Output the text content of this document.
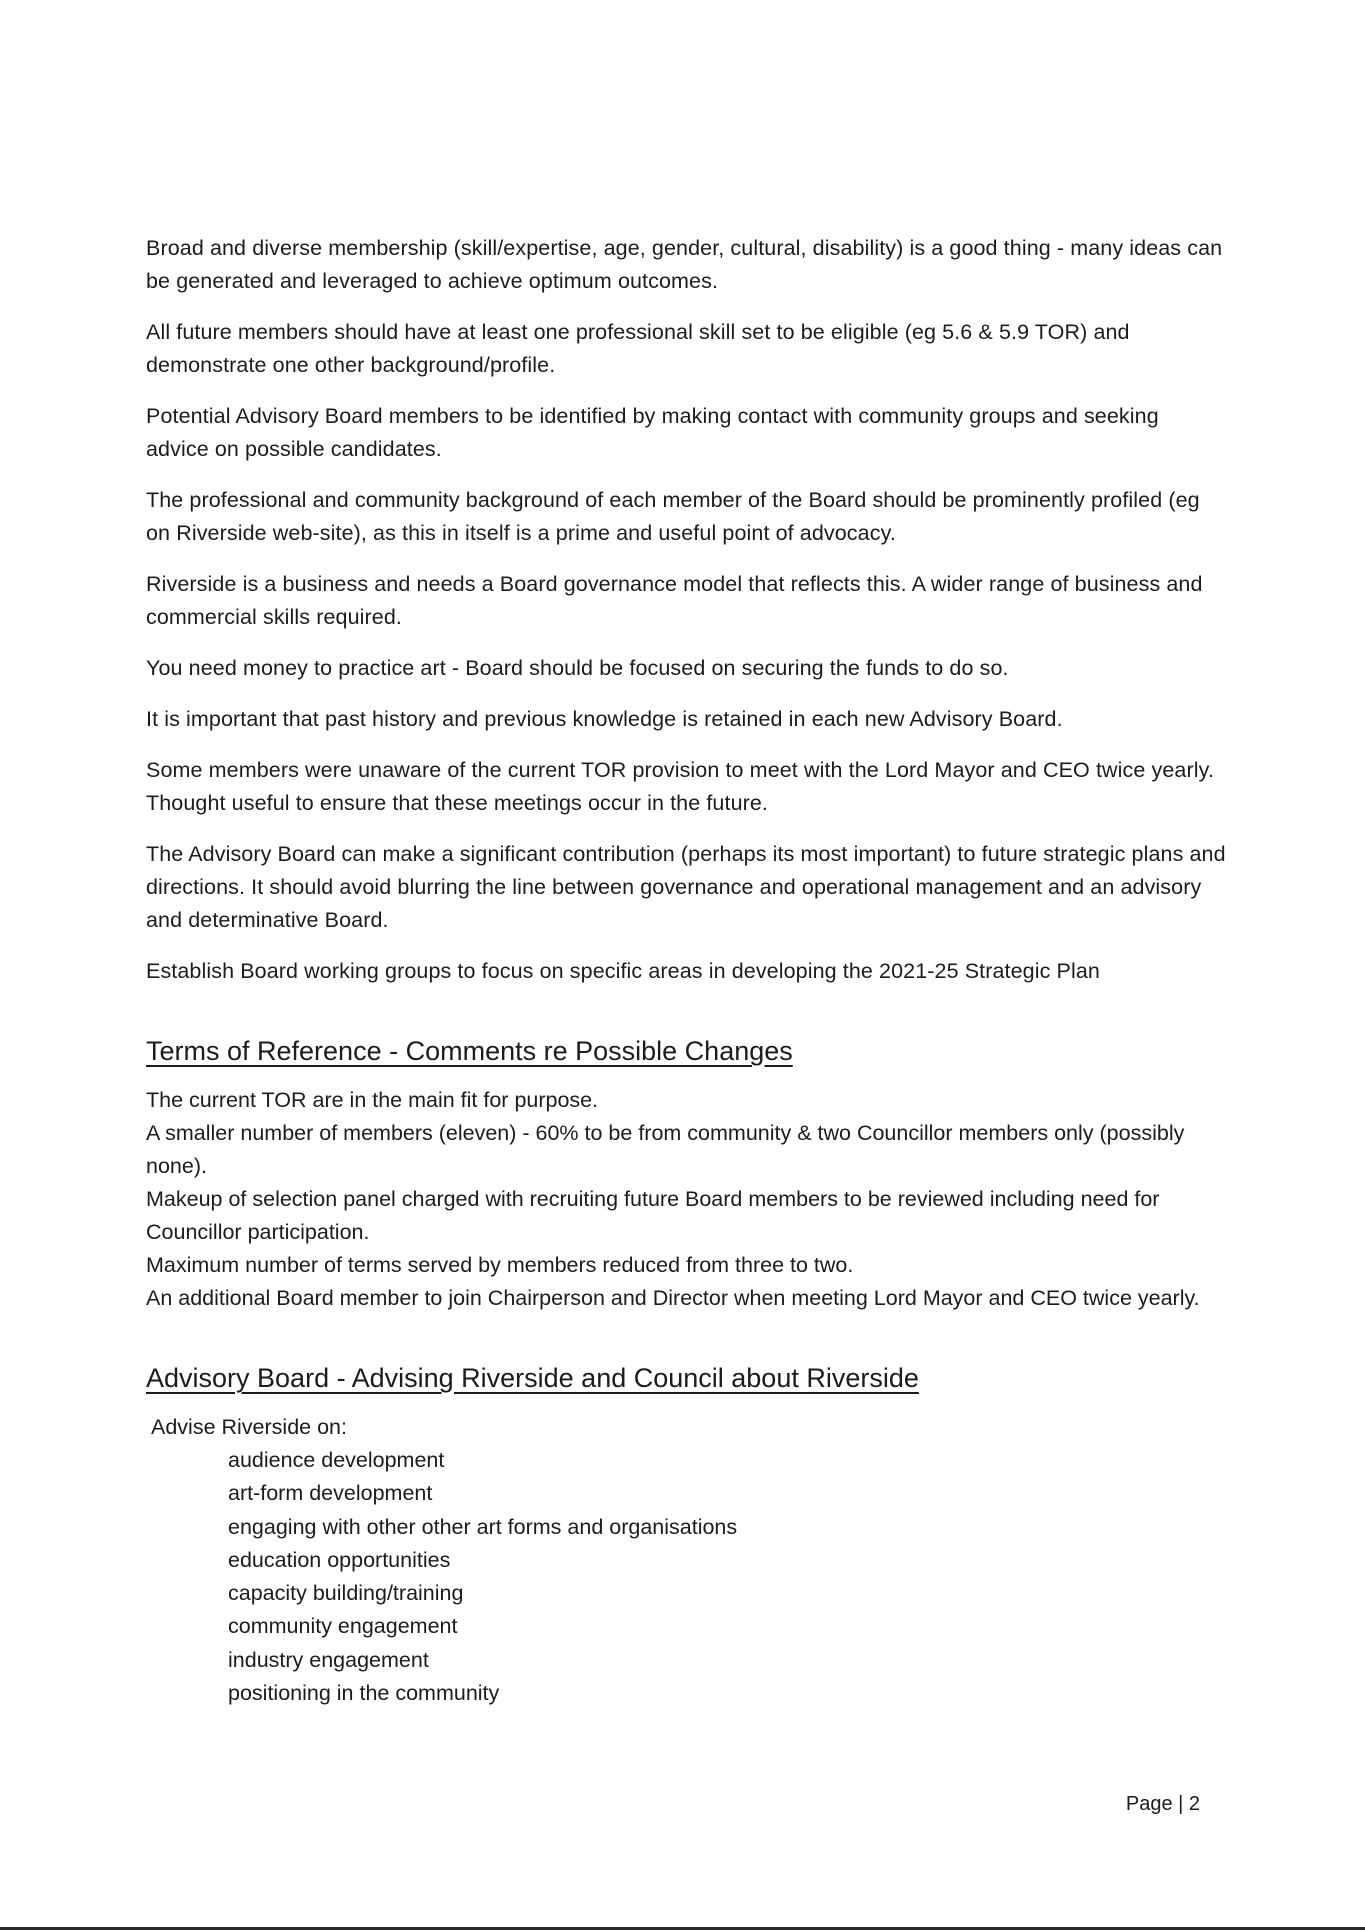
Broad and diverse membership (skill/expertise, age, gender, cultural, disability) is a good thing - many ideas can be generated and leveraged to achieve optimum outcomes.

All future members should have at least one professional skill set to be eligible (eg 5.6 & 5.9 TOR) and demonstrate one other background/profile.

Potential Advisory Board members to be identified by making contact with community groups and seeking advice on possible candidates.

The professional and community background of each member of the Board should be prominently profiled (eg on Riverside web-site), as this in itself is a prime and useful point of advocacy.

Riverside is a business and needs a Board governance model that reflects this. A wider range of business and commercial skills required.

You need money to practice art - Board should be focused on securing the funds to do so.

It is important that past history and previous knowledge is retained in each new Advisory Board.

Some members were unaware of the current TOR provision to meet with the Lord Mayor and CEO twice yearly. Thought useful to ensure that these meetings occur in the future.

The Advisory Board can make a significant contribution (perhaps its most important) to future strategic plans and directions. It should avoid blurring the line between governance and operational management and an advisory and determinative Board.

Establish Board working groups to focus on specific areas in developing the 2021-25 Strategic Plan

Terms of Reference - Comments re Possible Changes
The current TOR are in the main fit for purpose.
A smaller number of members (eleven) - 60% to be from community & two Councillor members only (possibly none).
Makeup of selection panel charged with recruiting future Board members to be reviewed including need for Councillor participation.
Maximum number of terms served by members reduced from three to two.
An additional Board member to join Chairperson and Director when meeting Lord Mayor and CEO twice yearly.
Advisory Board - Advising Riverside and Council about Riverside
Advise Riverside on:
audience development
art-form development
engaging with other other art forms and organisations
education opportunities
capacity building/training
community engagement
industry engagement
positioning in the community
Page | 2
